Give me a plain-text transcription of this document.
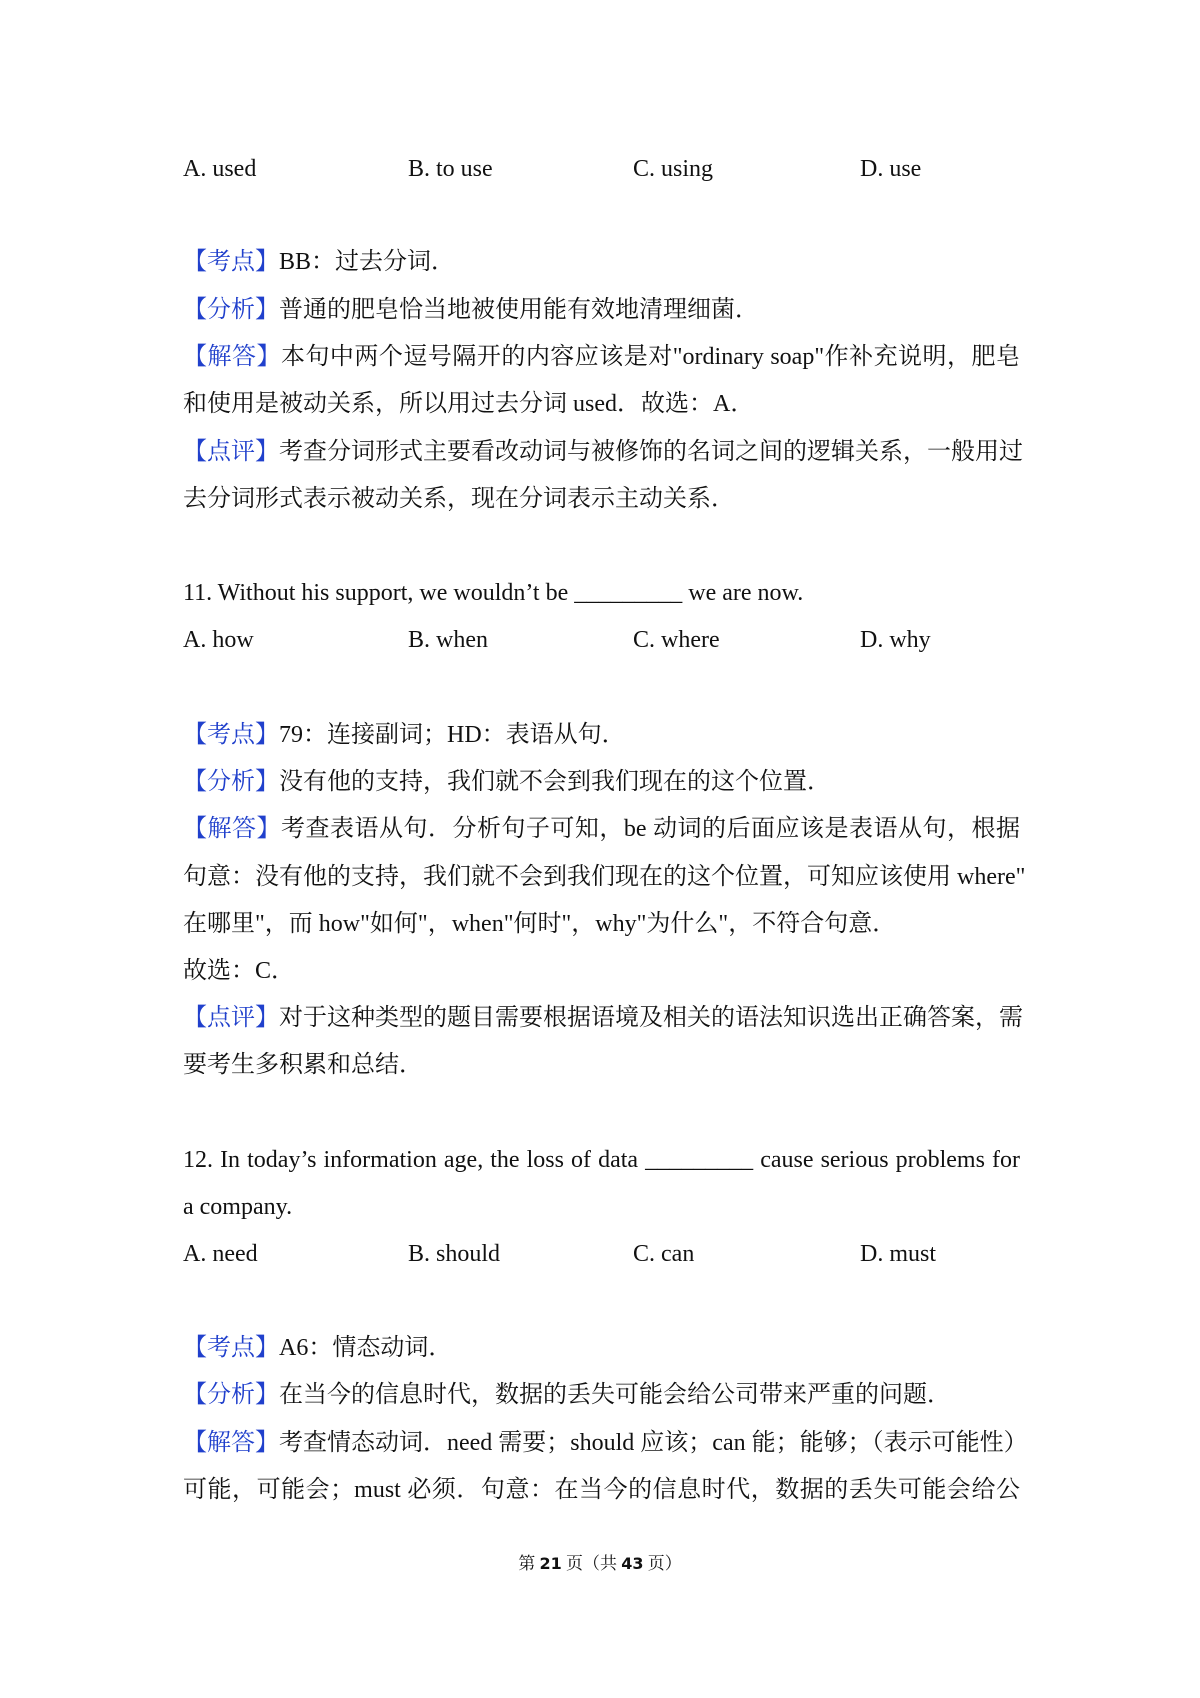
A. used	B. to use	C. using	D. use
【考点】BB：过去分词．
【分析】普通的肥皂恰当地被使用能有效地清理细菌．
【解答】本句中两个逗号隔开的内容应该是对"ordinary soap"作补充说明，肥皂
和使用是被动关系，所以用过去分词 used．故选：A．
【点评】考查分词形式主要看改动词与被修饰的名词之间的逻辑关系，一般用过
去分词形式表示被动关系，现在分词表示主动关系．
11. Without his support, we wouldn’t be _________ we are now.
A. how	B. when	C. where	D. why
【考点】79：连接副词；HD：表语从句．
【分析】没有他的支持，我们就不会到我们现在的这个位置．
【解答】考查表语从句．分析句子可知，be 动词的后面应该是表语从句，根据
句意：没有他的支持，我们就不会到我们现在的这个位置，可知应该使用 where"
在哪里"，而 how"如何"，when"何时"，why"为什么"，不符合句意．
故选：C．
【点评】对于这种类型的题目需要根据语境及相关的语法知识选出正确答案，需
要考生多积累和总结．
12. In today’s information age, the loss of data _________ cause serious problems for
a company.
A. need	B. should	C. can	D. must
【考点】A6：情态动词．
【分析】在当今的信息时代，数据的丢失可能会给公司带来严重的问题．
【解答】考查情态动词．need 需要；should 应该；can 能；能够；（表示可能性）
可能，可能会；must 必须．句意：在当今的信息时代，数据的丢失可能会给公
第 21 页（共 43 页）
